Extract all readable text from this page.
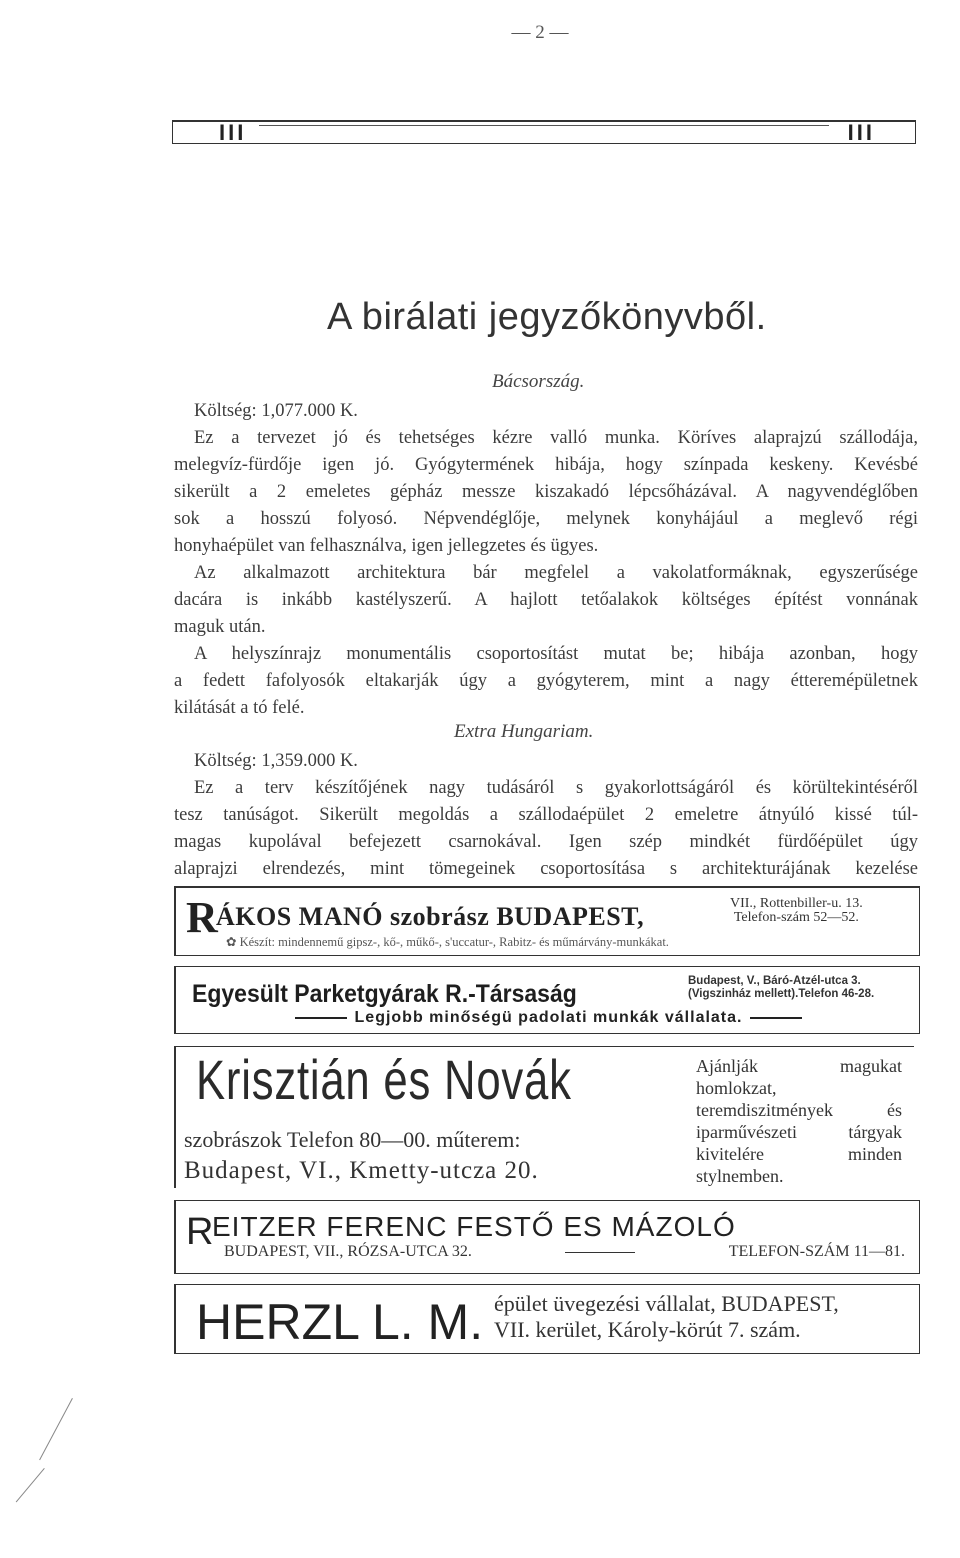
— 2 —
III	III
A birálati jegyzőkönyvből.
Bácsország.
Költség: 1,077.000 K.
Ez a tervezet jó és tehetséges kézre valló munka. Köríves alaprajzú szállodája,
melegvíz-fürdője igen jó. Gyógytermének hibája, hogy színpada keskeny. Kevésbé
sikerült a 2 emeletes gépház messze kiszakadó lépcsőházával. A nagyvendéglőben
sok a hosszú folyosó. Népvendéglője, melynek konyhájául a meglevő régi
honyhaépület van felhasználva, igen jellegzetes és ügyes.
Az alkalmazott architektura bár megfelel a vakolatformáknak, egyszerűsége
dacára is inkább kastélyszerű. A hajlott tetőalakok költséges építést vonnának
maguk után.
A helyszínrajz monumentális csoportosítást mutat be; hibája azonban, hogy
a fedett fafolyosók eltakarják úgy a gyógyterem, mint a nagy étteremépületnek
kilátását a tó felé.
Extra Hungariam.
Költség: 1,359.000 K.
Ez a terv készítőjének nagy tudásáról s gyakorlottságáról és körültekintéséről
tesz tanúságot. Sikerült megoldás a szállodaépület 2 emeletre átnyúló kissé túl-
magas kupolával befejezett csarnokával. Igen szép mindkét fürdőépület úgy
alaprajzi elrendezés, mint tömegeinek csoportosítása s architekturájának kezelése
R
ÁKOS MANÓ szobrász BUDAPEST,	VII., Rottenbiller-u. 13.
Telefon-szám 52—52.
✿ Készít: mindennemű gipsz-, kő-, műkő-, s'uccatur-, Rabitz- és műmárvány-munkákat.
Egyesült Parketgyárak R.-Társaság	Budapest, V., Báró-Atzél-utca 3.
(Vigszinház mellett).Telefon 46-28.
Legjobb minőségü padolati munkák vállalata.
Krisztián és Novák
szobrászok Telefon 80—00. műterem:
Budapest, VI., Kmetty-utcza 20.
Ajánlják magukat homlokzat, teremdiszitmények és iparművészeti tárgyak kivitelére minden stylnemben.
R
EITZER FERENC FESTŐ ES MÁZOLÓ
BUDAPEST, VII., RÓZSA-UTCA 32.	TELEFON-SZÁM 11—81.
HERZL L. M. épület üvegezési vállalat, BUDAPEST,
VII. kerület, Károly-körút 7. szám.
